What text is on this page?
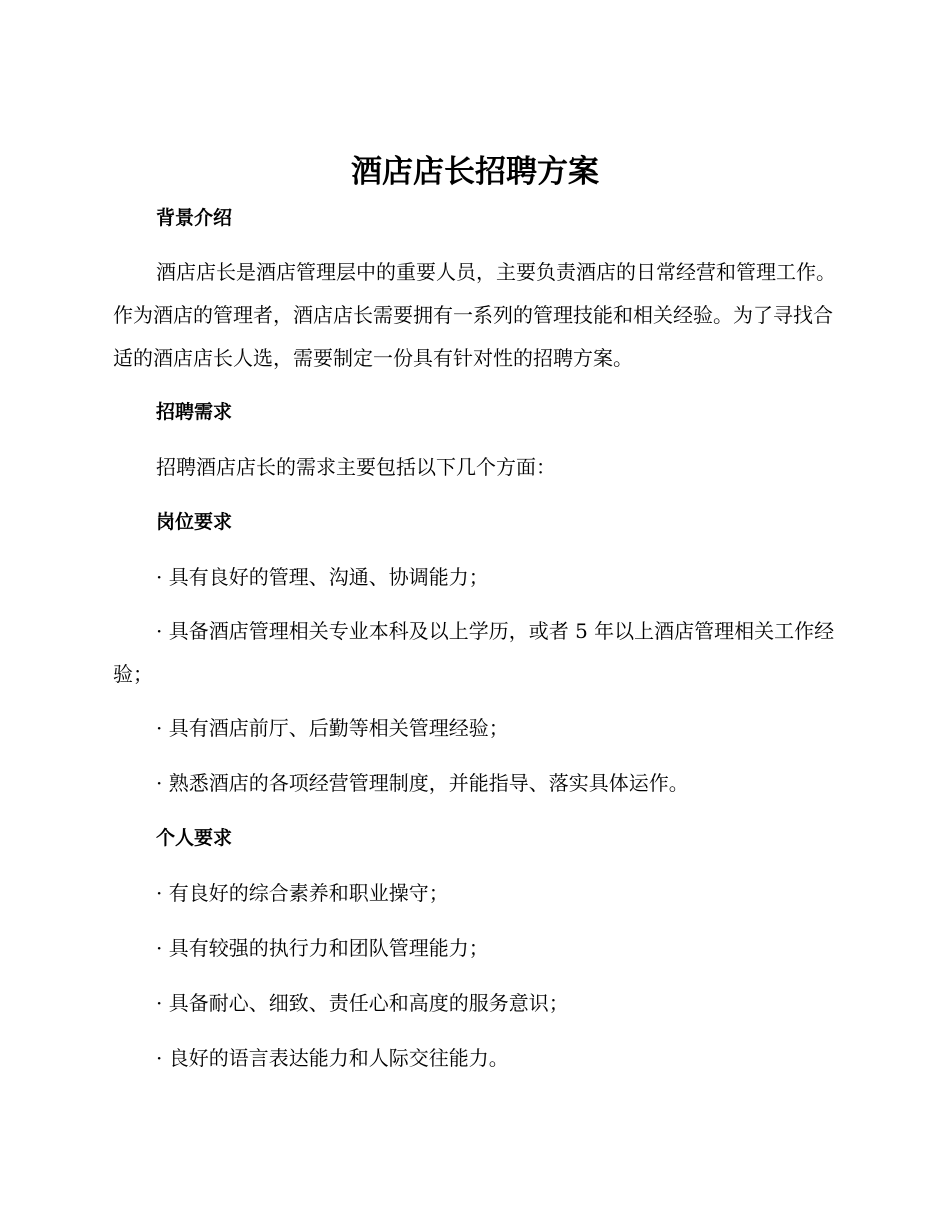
酒店店长招聘方案

背景介绍

酒店店长是酒店管理层中的重要人员，主要负责酒店的日常经营和管理工作。作为酒店的管理者，酒店店长需要拥有一系列的管理技能和相关经验。为了寻找合适的酒店店长人选，需要制定一份具有针对性的招聘方案。

招聘需求

招聘酒店店长的需求主要包括以下几个方面：

岗位要求

· 具有良好的管理、沟通、协调能力；

· 具备酒店管理相关专业本科及以上学历，或者 5 年以上酒店管理相关工作经验；

· 具有酒店前厅、后勤等相关管理经验；

· 熟悉酒店的各项经营管理制度，并能指导、落实具体运作。

个人要求

· 有良好的综合素养和职业操守；

· 具有较强的执行力和团队管理能力；

· 具备耐心、细致、责任心和高度的服务意识；

· 良好的语言表达能力和人际交往能力。
